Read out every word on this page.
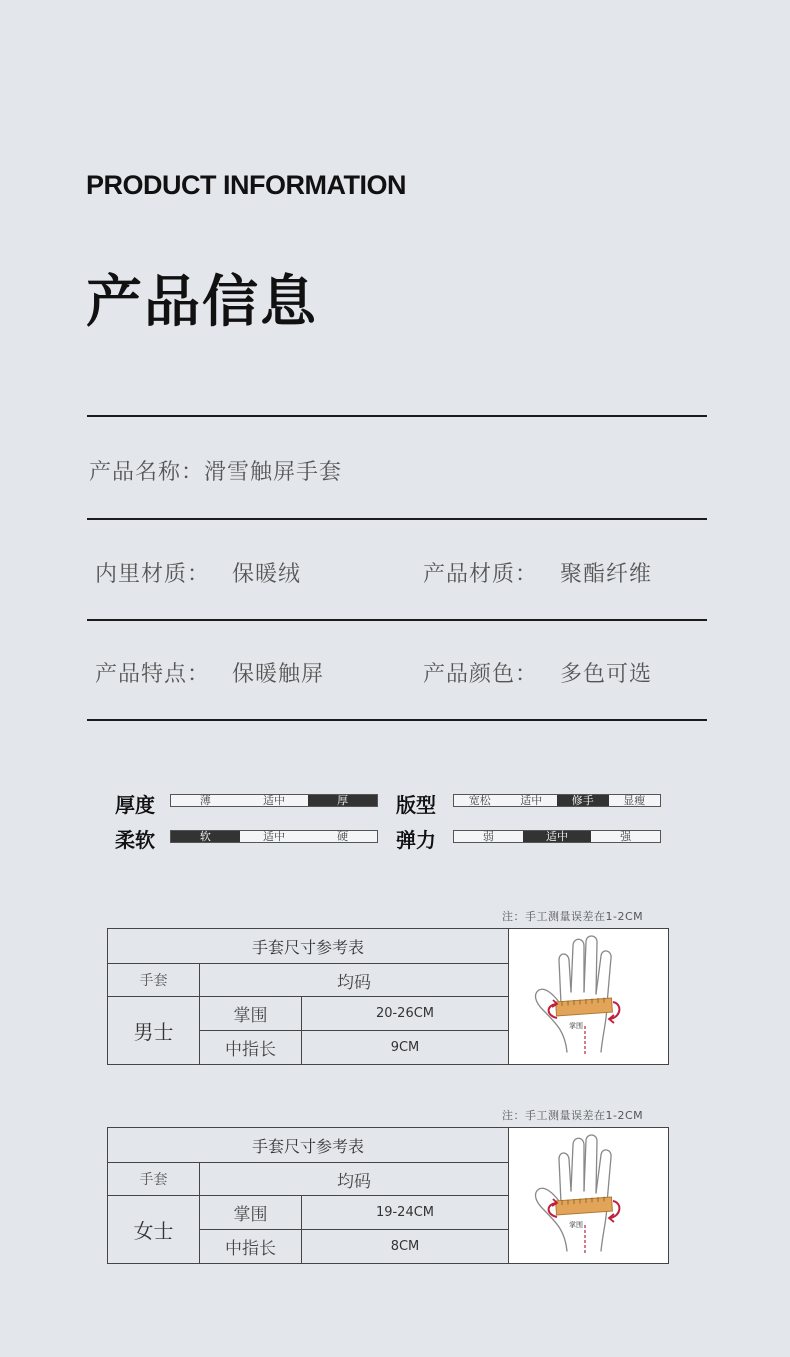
PRODUCT INFORMATION
产品信息
产品名称：滑雪触屏手套
内里材质： 保暖绒	产品材质： 聚酯纤维
产品特点： 保暖触屏	产品颜色： 多色可选
厚度	薄	适中	厚	版型	宽松	适中	修手	显瘦
柔软	软	适中	硬	弹力	弱	适中	强
注：手工测量误差在1-2CM
手套尺寸参考表			掌围

手套	均码		
男士	掌围	20-26CM	
	中指长	9CM	
注：手工测量误差在1-2CM
手套尺寸参考表			掌围

手套	均码		
女士	掌围	19-24CM	
	中指长	8CM	
